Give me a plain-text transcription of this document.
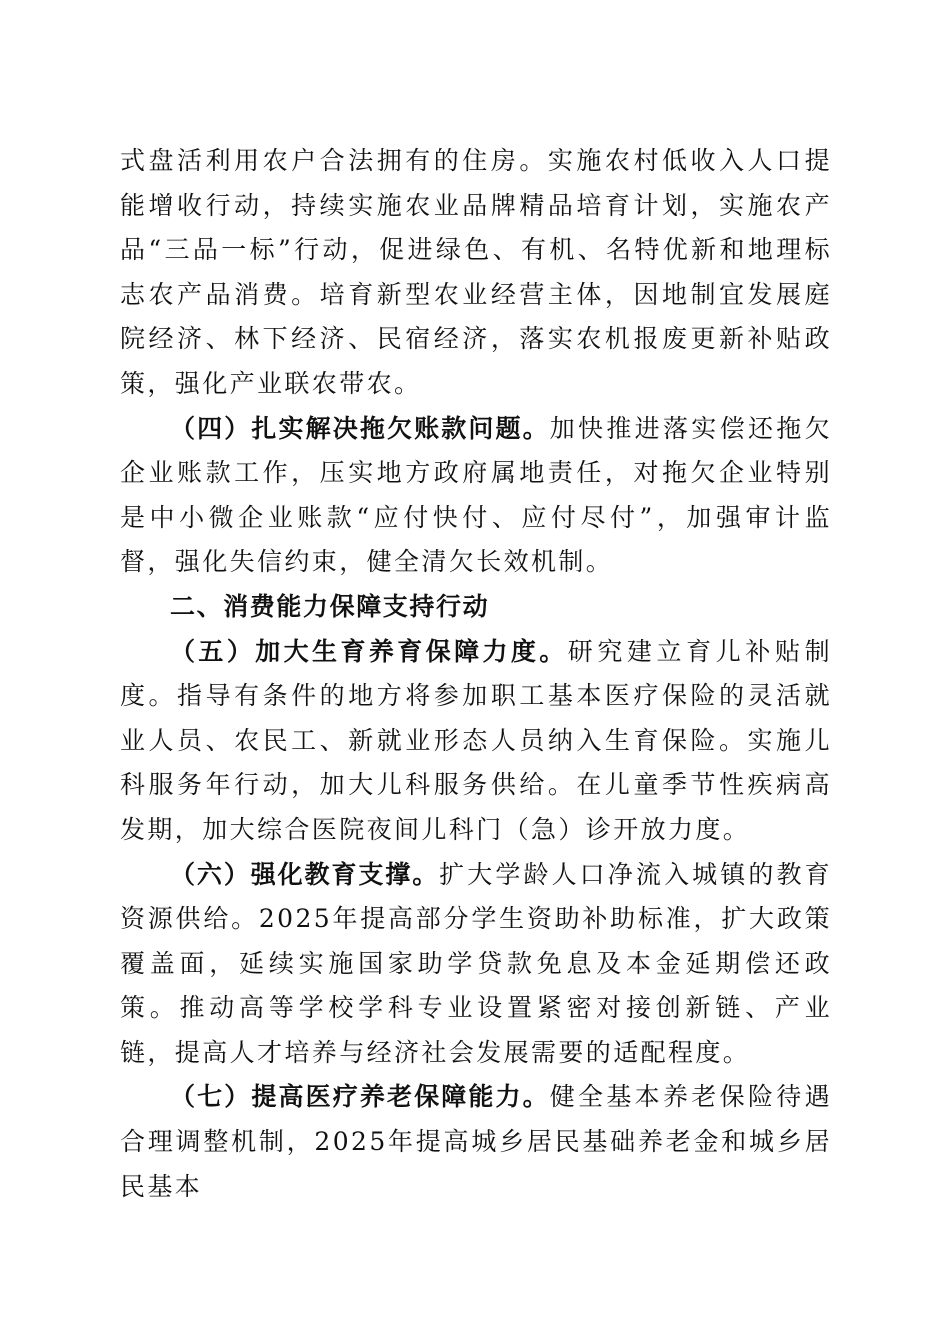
式盘活利用农户合法拥有的住房。实施农村低收入人口提能增收行动，持续实施农业品牌精品培育计划，实施农产品“三品一标”行动，促进绿色、有机、名特优新和地理标志农产品消费。培育新型农业经营主体，因地制宜发展庭院经济、林下经济、民宿经济，落实农机报废更新补贴政策，强化产业联农带农。

（四）扎实解决拖欠账款问题。加快推进落实偿还拖欠企业账款工作，压实地方政府属地责任，对拖欠企业特别是中小微企业账款“应付快付、应付尽付”，加强审计监督，强化失信约束，健全清欠长效机制。

二、消费能力保障支持行动

（五）加大生育养育保障力度。研究建立育儿补贴制度。指导有条件的地方将参加职工基本医疗保险的灵活就业人员、农民工、新就业形态人员纳入生育保险。实施儿科服务年行动，加大儿科服务供给。在儿童季节性疾病高发期，加大综合医院夜间儿科门（急）诊开放力度。

（六）强化教育支撑。扩大学龄人口净流入城镇的教育资源供给。2025年提高部分学生资助补助标准，扩大政策覆盖面，延续实施国家助学贷款免息及本金延期偿还政策。推动高等学校学科专业设置紧密对接创新链、产业链，提高人才培养与经济社会发展需要的适配程度。

（七）提高医疗养老保障能力。健全基本养老保险待遇合理调整机制，2025年提高城乡居民基础养老金和城乡居民基本
